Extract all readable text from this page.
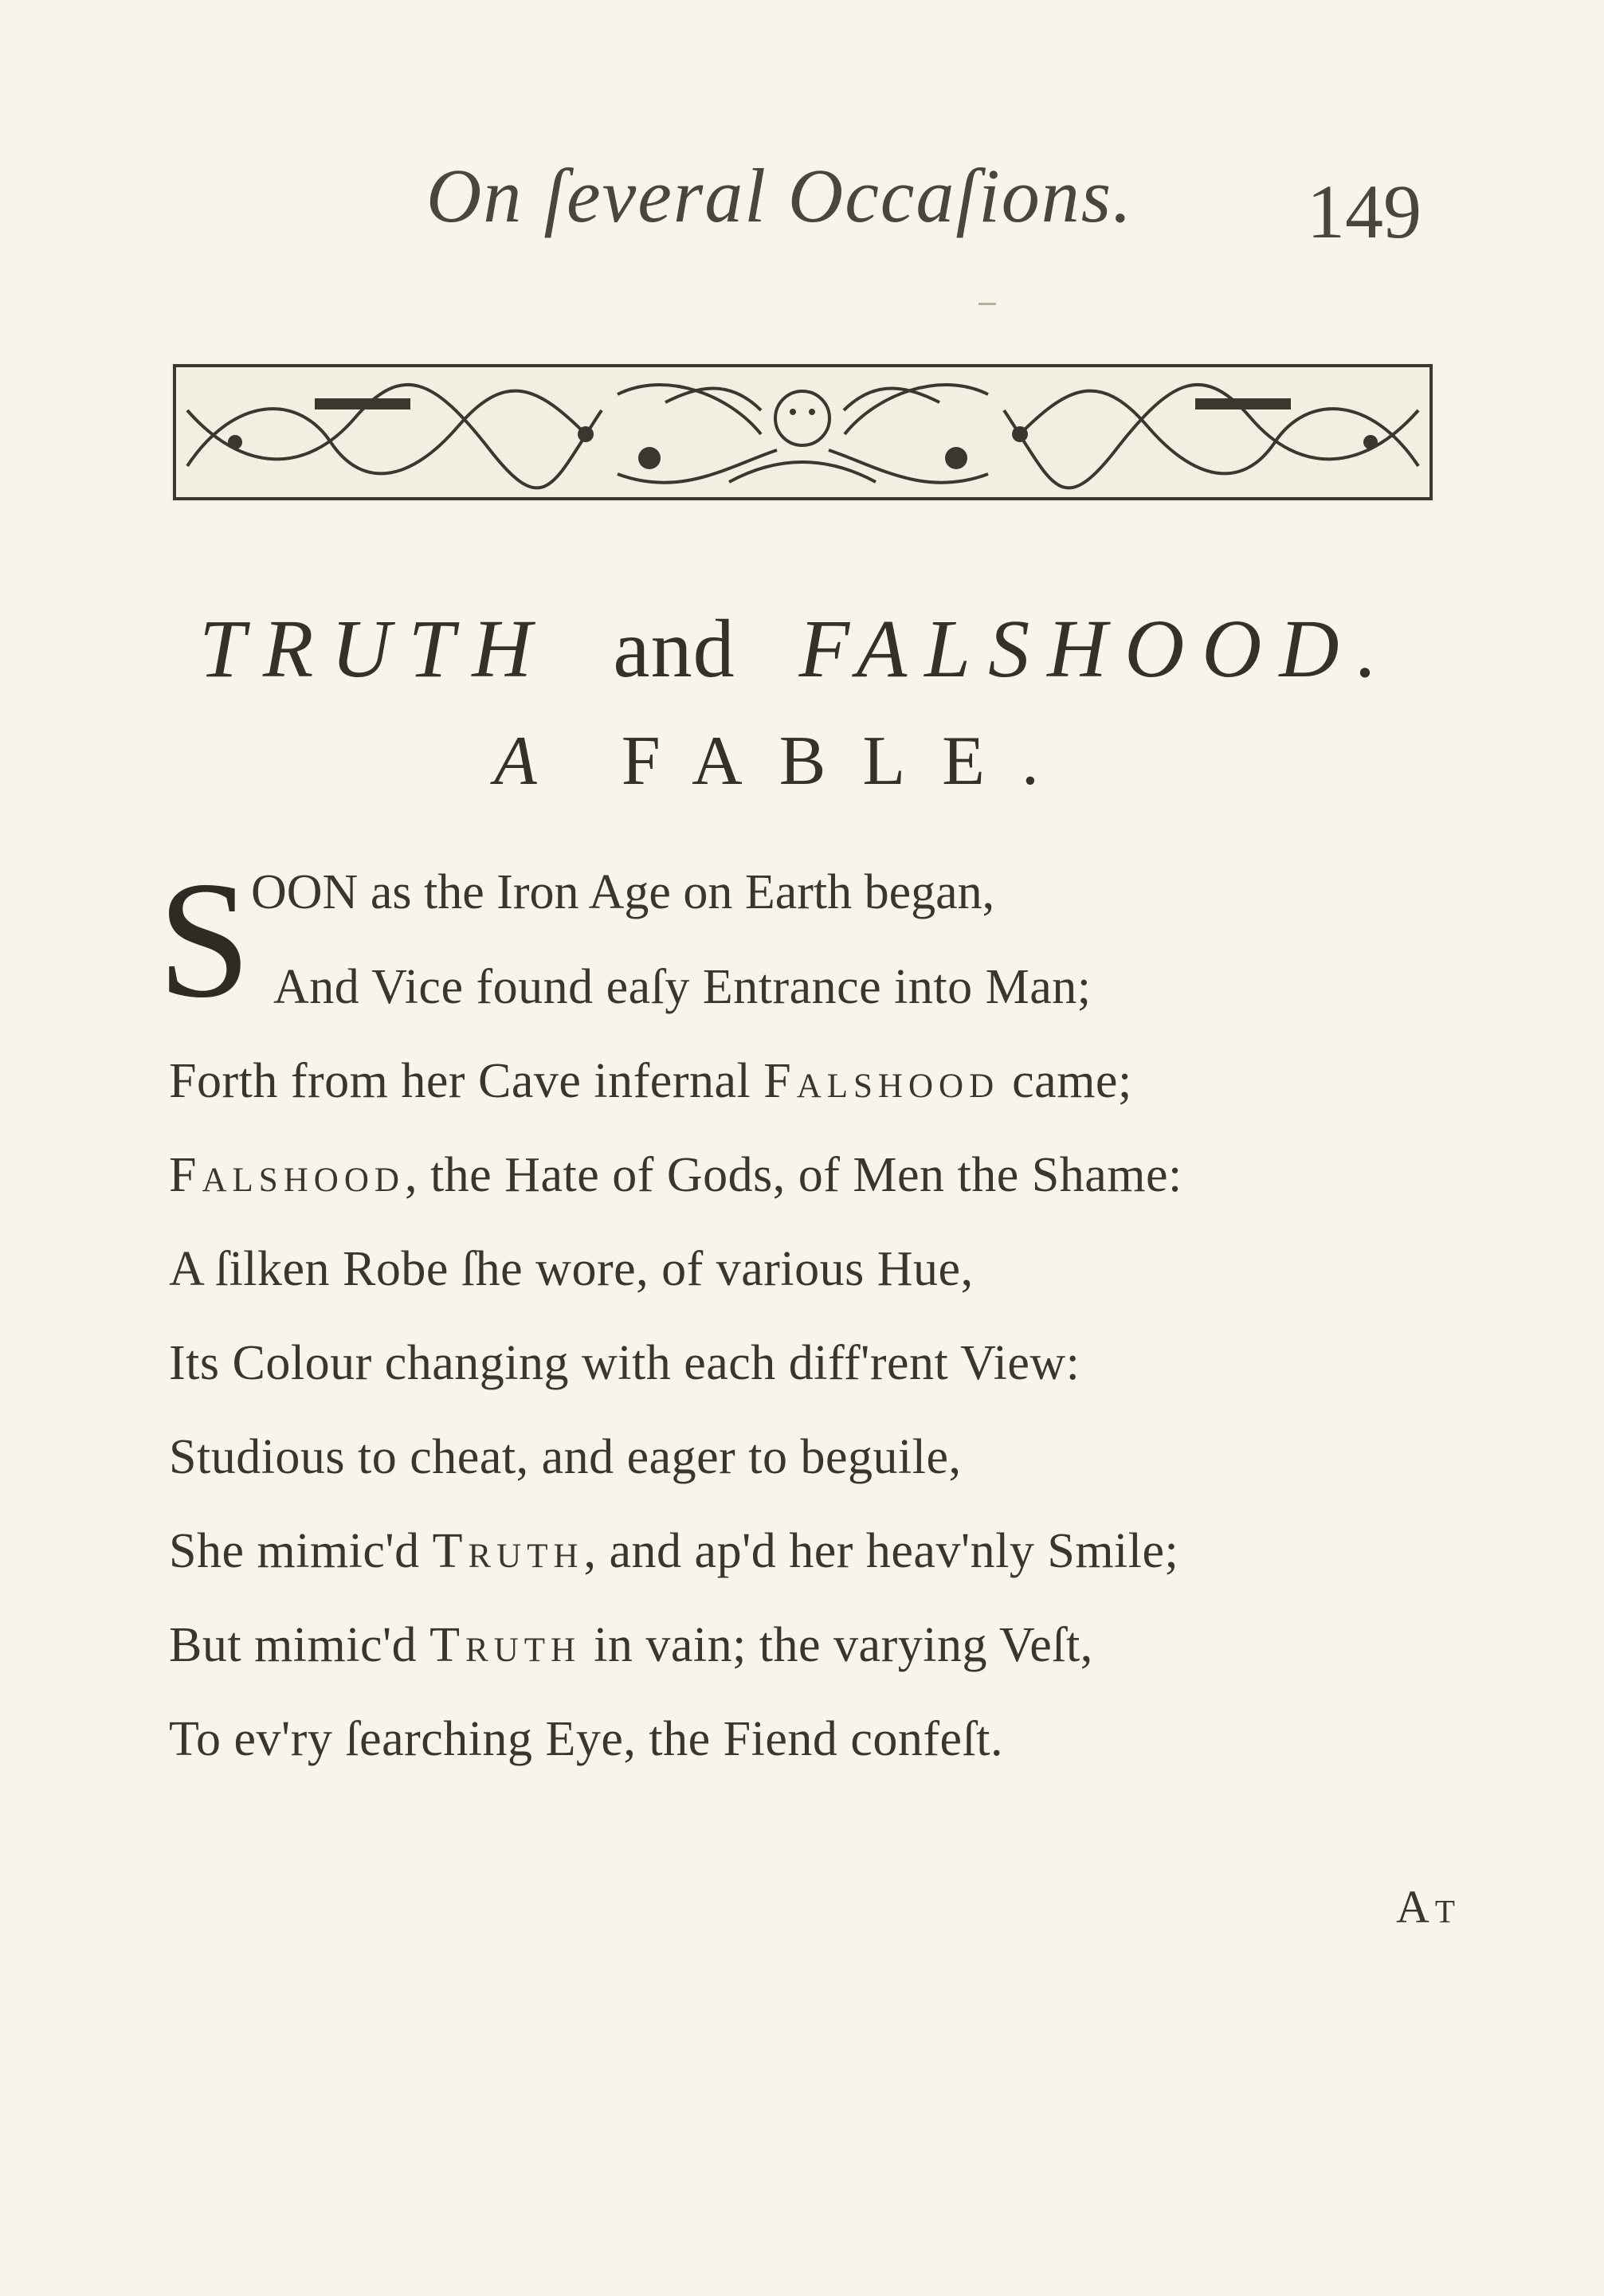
On ſeveral Occaſions. 149
TRUTH and FALSHOOD.
A FABLE.
S OON as the Iron Age on Earth began,
And Vice found eaſy Entrance into Man;
Forth from her Cave infernal Falshood came;
Falshood, the Hate of Gods, of Men the Shame:
A ſilken Robe ſhe wore, of various Hue,
Its Colour changing with each diff'rent View:
Studious to cheat, and eager to beguile,
She mimic'd Truth, and ap'd her heav'nly Smile;
But mimic'd Truth in vain; the varying Veſt,
To ev'ry ſearching Eye, the Fiend confeſt.
At
